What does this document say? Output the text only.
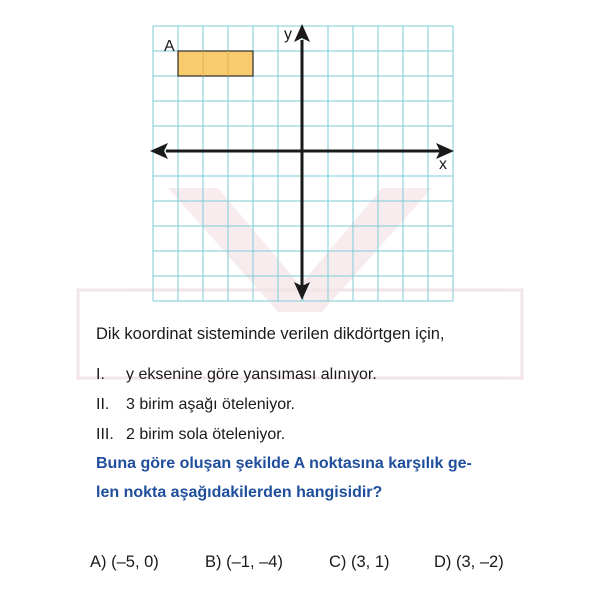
A
x
y

Dik koordinat sisteminde verilen dikdörtgen için,

I. y eksenine göre yansıması alınıyor.

II. 3 birim aşağı öteleniyor.

III. 2 birim sola öteleniyor.

Buna göre oluşan şekilde A noktasına karşılık ge-

len nokta aşağıdakilerden hangisidir?

A) (–5, 0)	B) (–1, –4)	C) (3, 1)	D) (3, –2)
